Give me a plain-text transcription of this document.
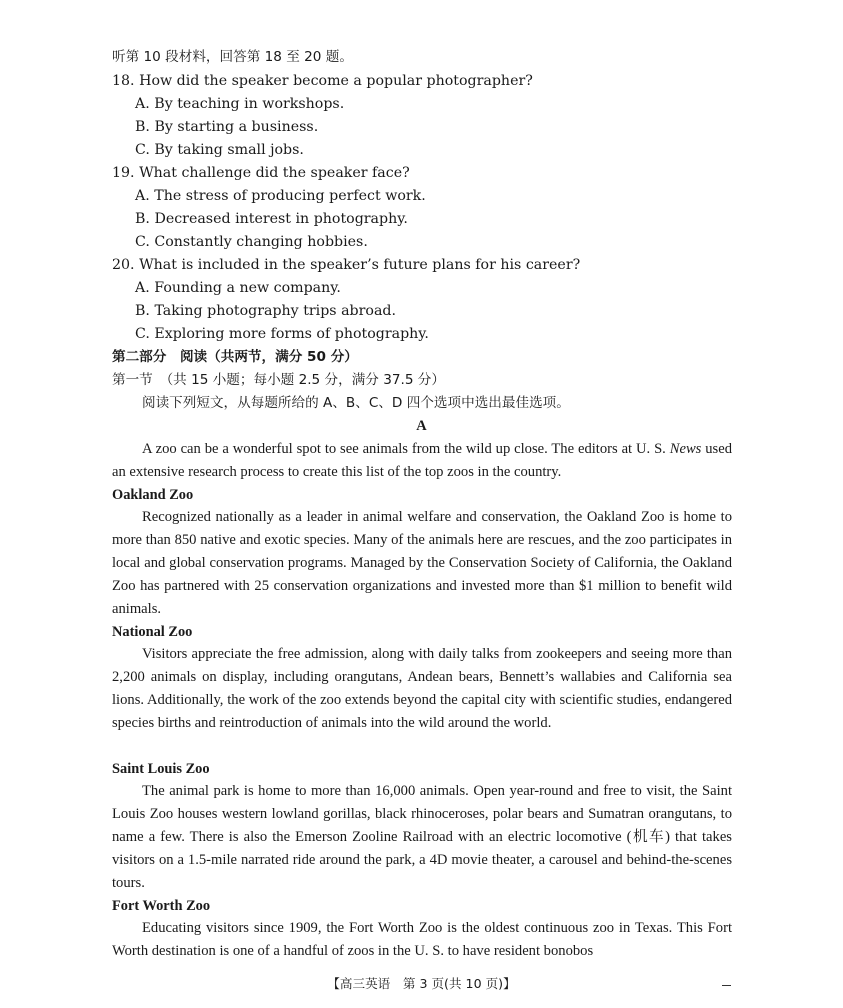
听第 10 段材料，回答第 18 至 20 题。
18. How did the speaker become a popular photographer?
A. By teaching in workshops.
B. By starting a business.
C. By taking small jobs.
19. What challenge did the speaker face?
A. The stress of producing perfect work.
B. Decreased interest in photography.
C. Constantly changing hobbies.
20. What is included in the speaker’s future plans for his career?
A. Founding a new company.
B. Taking photography trips abroad.
C. Exploring more forms of photography.
第二部分　阅读（共两节，满分 50 分）
第一节　（共 15 小题；每小题 2.5 分，满分 37.5 分）
阅读下列短文，从每题所给的 A、B、C、D 四个选项中选出最佳选项。
A

A zoo can be a wonderful spot to see animals from the wild up close. The editors at U. S. News used an extensive research process to create this list of the top zoos in the country.

Oakland Zoo

Recognized nationally as a leader in animal welfare and conservation, the Oakland Zoo is home to more than 850 native and exotic species. Many of the animals here are rescues, and the zoo participates in local and global conservation programs. Managed by the Conservation Society of California, the Oakland Zoo has partnered with 25 conservation organizations and invested more than $1 million to benefit wild animals.

National Zoo

Visitors appreciate the free admission, along with daily talks from zookeepers and seeing more than 2,200 animals on display, including orangutans, Andean bears, Bennett’s wallabies and California sea lions. Additionally, the work of the zoo extends beyond the capital city with scientific studies, endangered species births and reintroduction of animals into the wild around the world.

Saint Louis Zoo

The animal park is home to more than 16,000 animals. Open year-round and free to visit, the Saint Louis Zoo houses western lowland gorillas, black rhinoceroses, polar bears and Sumatran orangutans, to name a few. There is also the Emerson Zooline Railroad with an electric locomotive (机车) that takes visitors on a 1.5-mile narrated ride around the park, a 4D movie theater, a carousel and behind-the-scenes tours.

Fort Worth Zoo

Educating visitors since 1909, the Fort Worth Zoo is the oldest continuous zoo in Texas. This Fort Worth destination is one of a handful of zoos in the U. S. to have resident bonobos

【高三英语　第 3 页(共 10 页)】
